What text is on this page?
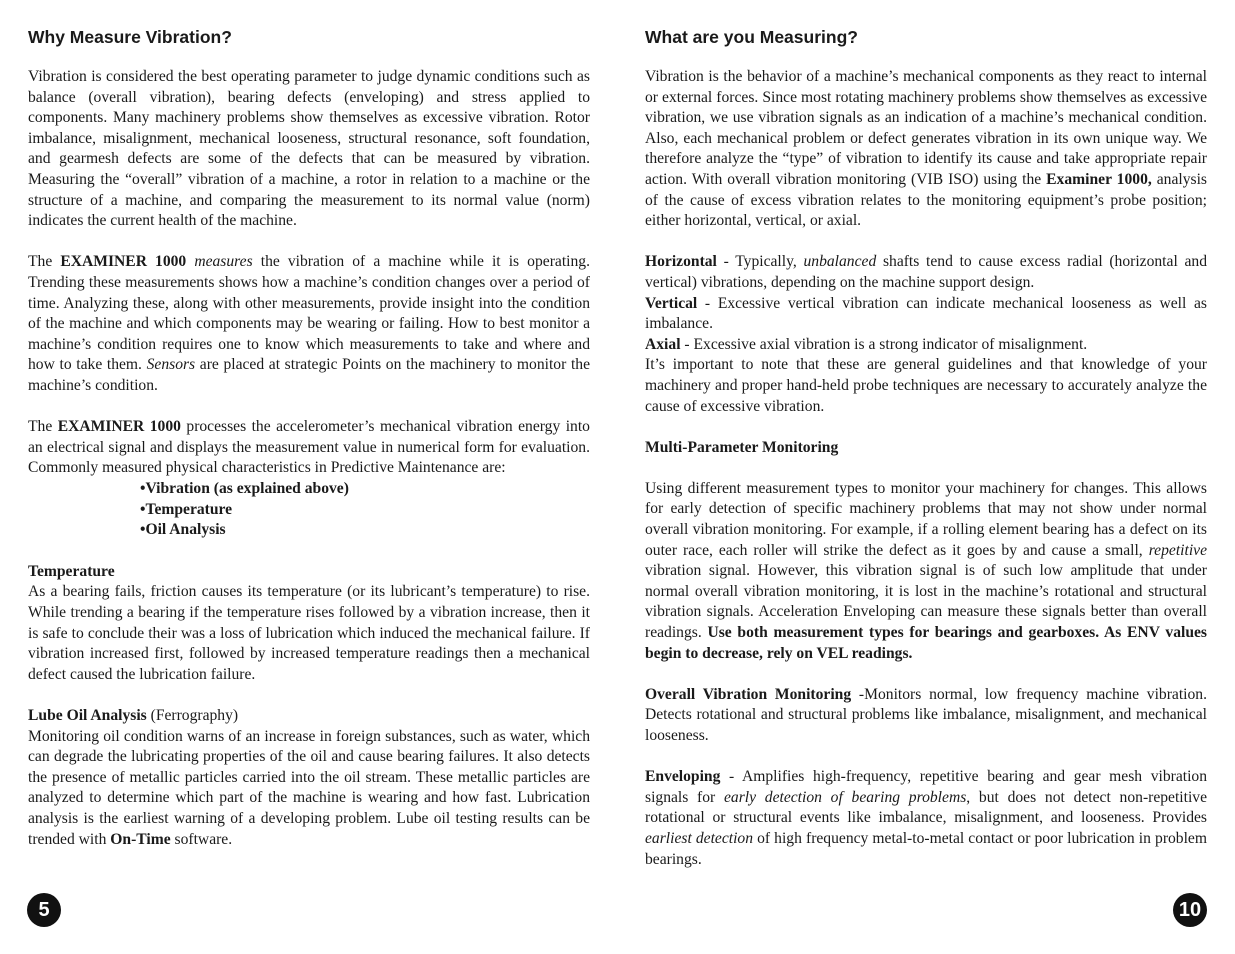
Why Measure Vibration?

Vibration is considered the best operating parameter to judge dynamic conditions such as balance (overall vibration), bearing defects (enveloping) and stress applied to components. Many machinery problems show themselves as excessive vibration. Rotor imbalance, misalignment, mechanical looseness, structural resonance, soft foundation, and gearmesh defects are some of the defects that can be measured by vibration. Measuring the “overall” vibration of a machine, a rotor in relation to a machine or the structure of a machine, and comparing the measurement to its normal value (norm) indicates the current health of the machine.

The EXAMINER 1000 measures the vibration of a machine while it is operating. Trending these measurements shows how a machine’s condition changes over a period of time. Analyzing these, along with other measurements, provide insight into the condition of the machine and which components may be wearing or failing. How to best monitor a machine’s condition requires one to know which measurements to take and where and how to take them. Sensors are placed at strategic Points on the machinery to monitor the machine’s condition.

The EXAMINER 1000 processes the accelerometer’s mechanical vibration energy into an electrical signal and displays the measurement value in numerical form for evaluation. Commonly measured physical characteristics in Predictive Maintenance are:

• Vibration (as explained above)
• Temperature
• Oil Analysis

Temperature

As a bearing fails, friction causes its temperature (or its lubricant’s temperature) to rise. While trending a bearing if the temperature rises followed by a vibration increase, then it is safe to conclude their was a loss of lubrication which induced the mechanical failure. If vibration increased first, followed by increased temperature readings then a mechanical defect caused the lubrication failure.

Lube Oil Analysis (Ferrography)

Monitoring oil condition warns of an increase in foreign substances, such as water, which can degrade the lubricating properties of the oil and cause bearing failures. It also detects the presence of metallic particles carried into the oil stream. These metallic particles are analyzed to determine which part of the machine is wearing and how fast. Lubrication analysis is the earliest warning of a developing problem. Lube oil testing results can be trended with On-Time software.

What are you Measuring?

Vibration is the behavior of a machine’s mechanical components as they react to internal or external forces. Since most rotating machinery problems show themselves as excessive vibration, we use vibration signals as an indication of a machine’s mechanical condition. Also, each mechanical problem or defect generates vibration in its own unique way. We therefore analyze the “type” of vibration to identify its cause and take appropriate repair action. With overall vibration monitoring (VIB ISO) using the Examiner 1000, analysis of the cause of excess vibration relates to the monitoring equipment’s probe position; either horizontal, vertical, or axial.

Horizontal - Typically, unbalanced shafts tend to cause excess radial (horizontal and vertical) vibrations, depending on the machine support design.

Vertical - Excessive vertical vibration can indicate mechanical looseness as well as imbalance.

Axial - Excessive axial vibration is a strong indicator of misalignment.

It’s important to note that these are general guidelines and that knowledge of your machinery and proper hand-held probe techniques are necessary to accurately analyze the cause of excessive vibration.

Multi-Parameter Monitoring

Using different measurement types to monitor your machinery for changes. This allows for early detection of specific machinery problems that may not show under normal overall vibration monitoring. For example, if a rolling element bearing has a defect on its outer race, each roller will strike the defect as it goes by and cause a small, repetitive vibration signal. However, this vibration signal is of such low amplitude that under normal overall vibration monitoring, it is lost in the machine’s rotational and structural vibration signals. Acceleration Enveloping can measure these signals better than overall readings. Use both measurement types for bearings and gearboxes. As ENV values begin to decrease, rely on VEL readings.

Overall Vibration Monitoring -Monitors normal, low frequency machine vibration. Detects rotational and structural problems like imbalance, misalignment, and mechanical looseness.

Enveloping - Amplifies high-frequency, repetitive bearing and gear mesh vibration signals for early detection of bearing problems, but does not detect non-repetitive rotational or structural events like imbalance, misalignment, and looseness. Provides earliest detection of high frequency metal-to-metal contact or poor lubrication in problem bearings.

5	10
